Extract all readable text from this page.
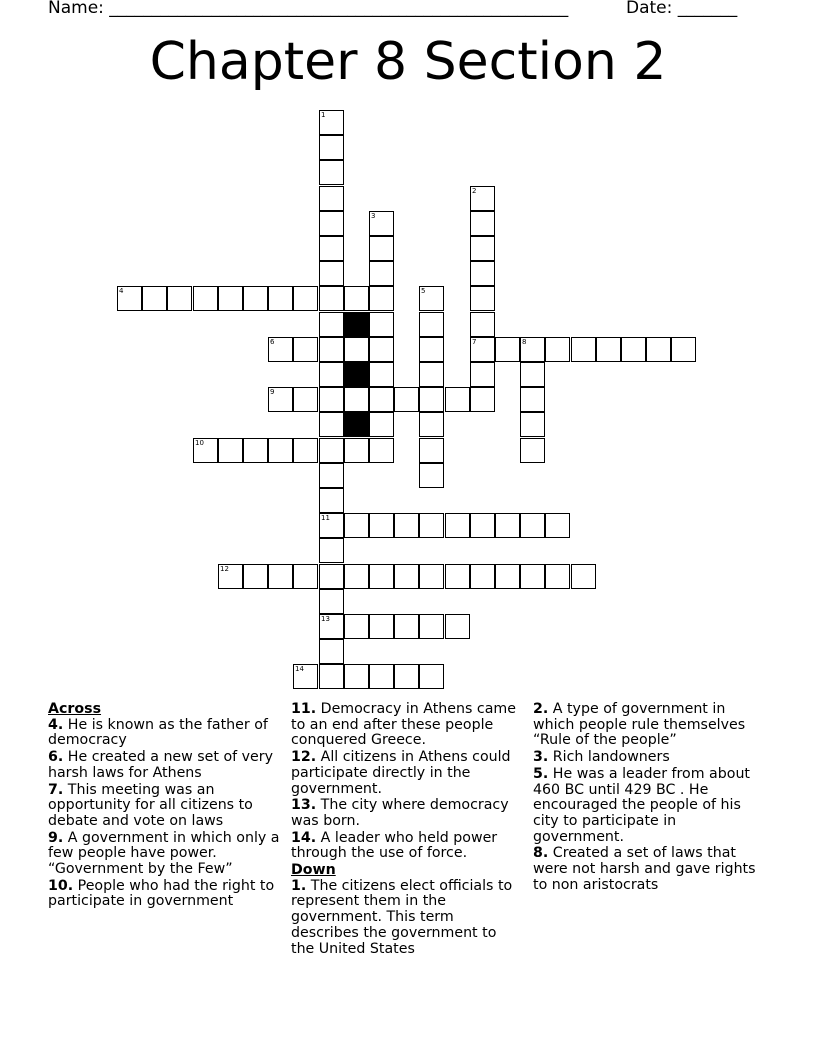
Name: ______________________________________________________	Date: _______
Chapter 8 Section 2
1
11
13
2
7
3
4	5
6	8
9
10
12
14
Across
4. He is known as the father of democracy
6. He created a new set of very harsh laws for Athens
7. This meeting was an opportunity for all citizens to debate and vote on laws
9. A government in which only a few people have power. “Government by the Few”
10. People who had the right to participate in government
11. Democracy in Athens came to an end after these people conquered Greece.
12. All citizens in Athens could participate directly in the government.
13. The city where democracy was born.
14. A leader who held power through the use of force.
Down
1. The citizens elect officials to represent them in the government. This term describes the government to the United States
2. A type of government in which people rule themselves “Rule of the people”
3. Rich landowners
5. He was a leader from about 460 BC until 429 BC . He encouraged the people of his city to participate in government.
8. Created a set of laws that were not harsh and gave rights to non aristocrats
